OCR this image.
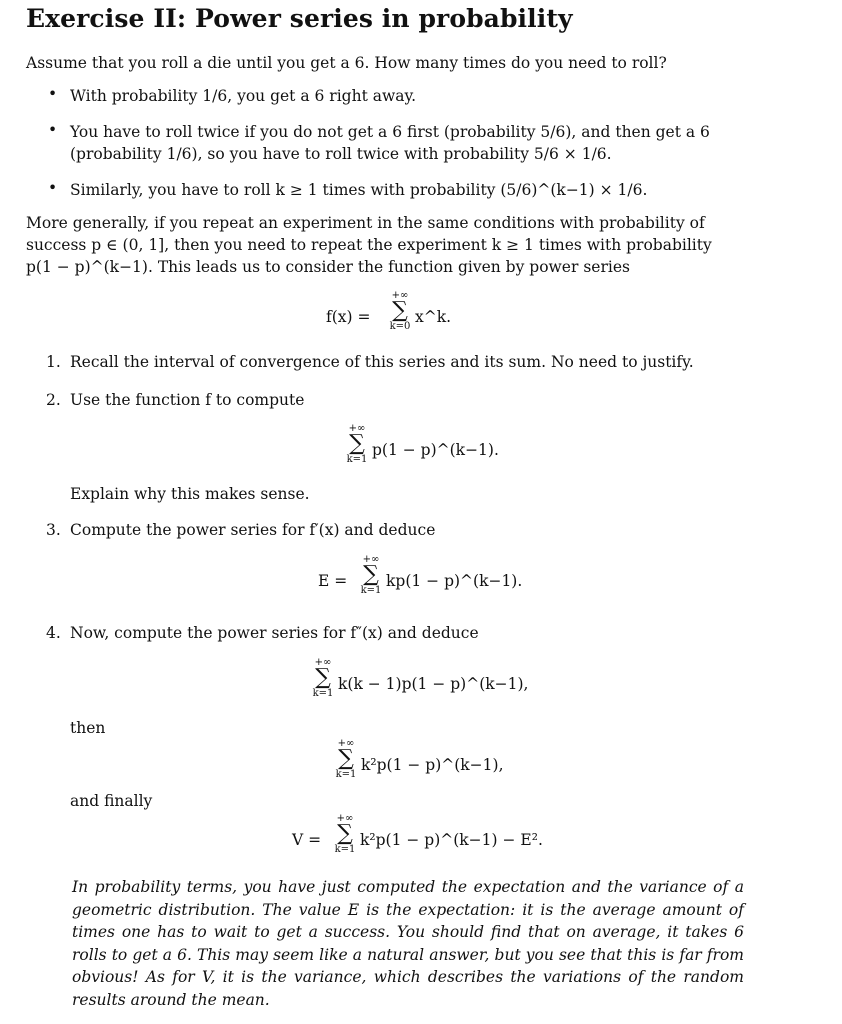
Exercise II: Power series in probability
Assume that you roll a die until you get a 6. How many times do you need to roll?
• With probability 1/6, you get a 6 right away.
• You have to roll twice if you do not get a 6 first (probability 5/6), and then get a 6
(probability 1/6), so you have to roll twice with probability 5/6 × 1/6.
• Similarly, you have to roll k ≥ 1 times with probability (5/6)^(k−1) × 1/6.
More generally, if you repeat an experiment in the same conditions with probability of
success p ∈ (0, 1], then you need to repeat the experiment k ≥ 1 times with probability
p(1 − p)^(k−1). This leads us to consider the function given by power series
f(x) =
+∞
∑
k=0
x^k.
1. Recall the interval of convergence of this series and its sum. No need to justify.
2. Use the function f to compute
+∞
∑
k=1
p(1 − p)^(k−1).
Explain why this makes sense.
3. Compute the power series for f′(x) and deduce
E =
+∞
∑
k=1
kp(1 − p)^(k−1).
4. Now, compute the power series for f″(x) and deduce
+∞
∑
k=1
k(k − 1)p(1 − p)^(k−1),
then
+∞
∑
k=1
k²p(1 − p)^(k−1),
and finally
V =
+∞
∑
k=1
k²p(1 − p)^(k−1) − E².
In probability terms, you have just computed the expectation and the variance of a geometric distribution. The value E is the expectation: it is the average amount of times one has to wait to get a success. You should find that on average, it takes 6 rolls to get a 6. This may seem like a natural answer, but you see that this is far from obvious! As for V, it is the variance, which describes the variations of the random results around the mean.
